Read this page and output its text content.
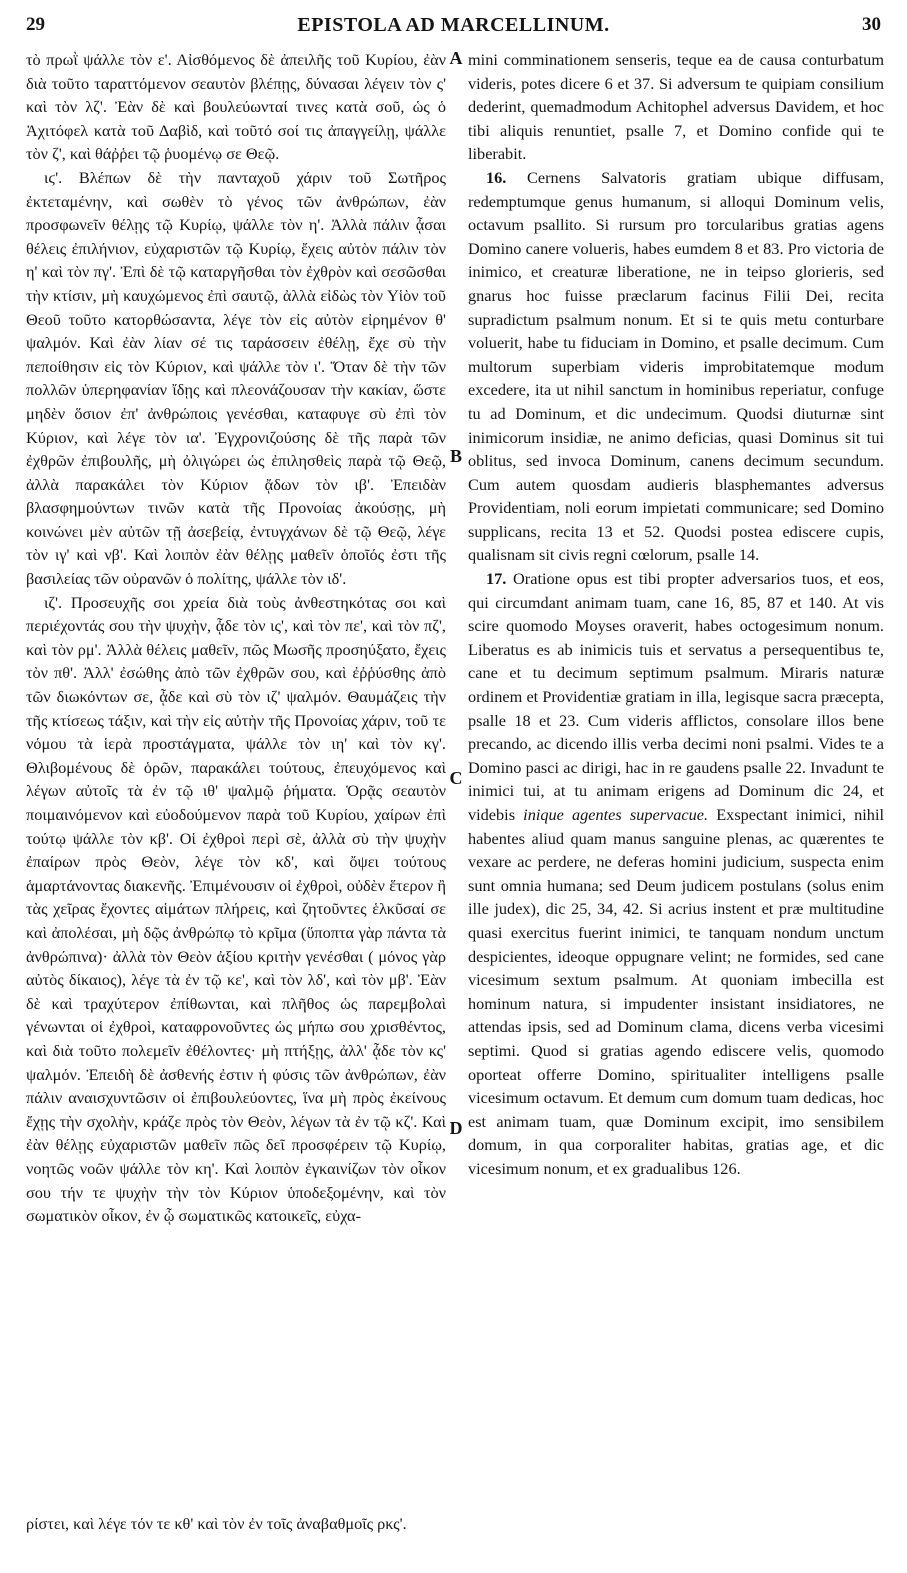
29	EPISTOLA AD MARCELLINUM.	30

τὸ πρωῒ ψάλλε τὸν ε'. Αἰσθόμενος δὲ ἀπειλῆς τοῦ Κυρίου, ἐὰν διὰ τοῦτο ταραττόμενον σεαυτὸν βλέπῃς, δύνασαι λέγειν τὸν ς' καὶ τὸν λζ'. Ἐὰν δὲ καὶ βουλεύωνταί τινες κατὰ σοῦ, ὡς ὁ Ἀχιτόφελ κατὰ τοῦ Δαβὶδ, καὶ τοῦτό σοί τις ἀπαγγείλῃ, ψάλλε τὸν ζ', καὶ θάῤῥει τῷ ῥυομένῳ σε Θεῷ.

ιϛ'. Βλέπων δὲ τὴν πανταχοῦ χάριν τοῦ Σωτῆρος ἐκτεταμένην, καὶ σωθὲν τὸ γένος τῶν ἀνθρώπων, ἐὰν προσφωνεῖν θέλῃς τῷ Κυρίῳ, ψάλλε τὸν η'. Ἀλλὰ πάλιν ᾆσαι θέλεις ἐπιλήνιον, εὐχαριστῶν τῷ Κυρίῳ, ἔχεις αὐτὸν πάλιν τὸν η' καὶ τὸν πγ'. Ἐπὶ δὲ τῷ καταργῆσθαι τὸν ἐχθρὸν καὶ σεσῶσθαι τὴν κτίσιν, μὴ καυχώμενος ἐπὶ σαυτῷ, ἀλλὰ εἰδὼς τὸν Υἱὸν τοῦ Θεοῦ τοῦτο κατορθώσαντα, λέγε τὸν εἰς αὐτὸν εἰρημένον θ' ψαλμόν. Καὶ ἐὰν λίαν σέ τις ταράσσειν ἐθέλῃ, ἔχε σὺ τὴν πεποίθησιν εἰς τὸν Κύριον, καὶ ψάλλε τὸν ι'. Ὅταν δὲ τὴν τῶν πολλῶν ὑπερηφανίαν ἴδῃς καὶ πλεονάζουσαν τὴν κακίαν, ὥστε μηδὲν ὅσιον ἐπ' ἀνθρώποις γενέσθαι, καταφυγε σὺ ἐπὶ τὸν Κύριον, καὶ λέγε τὸν ια'. Ἐγχρονιζούσης δὲ τῆς παρὰ τῶν ἐχθρῶν ἐπιβουλῆς, μὴ ὀλιγώρει ὡς ἐπιλησθεὶς παρὰ τῷ Θεῷ, ἀλλὰ παρακάλει τὸν Κύριον ᾄδων τὸν ιβ'. Ἐπειδὰν βλασφημούντων τινῶν κατὰ τῆς Προνοίας ἀκούσῃς, μὴ κοινώνει μὲν αὐτῶν τῇ ἀσεβείᾳ, ἐντυγχάνων δὲ τῷ Θεῷ, λέγε τὸν ιγ' καὶ νβ'. Καὶ λοιπὸν ἐὰν θέλῃς μαθεῖν ὁποῖός ἐστι τῆς βασιλείας τῶν οὐρανῶν ὁ πολίτης, ψάλλε τὸν ιδ'.

ιζ'. Προσευχῆς σοι χρεία διὰ τοὺς ἀνθεστηκότας σοι καὶ περιέχοντάς σου τὴν ψυχὴν, ᾆδε τὸν ις', καὶ τὸν πε', καὶ τὸν πζ', καὶ τὸν ρμ'. Ἀλλὰ θέλεις μαθεῖν, πῶς Μωσῆς προσηύξατο, ἔχεις τὸν πθ'. Ἀλλ' ἐσώθης ἀπὸ τῶν ἐχθρῶν σου, καὶ ἐῤῥύσθης ἀπὸ τῶν διωκόντων σε, ᾆδε καὶ σὺ τὸν ιζ' ψαλμόν. Θαυμάζεις τὴν τῆς κτίσεως τάξιν, καὶ τὴν εἰς αὐτὴν τῆς Προνοίας χάριν, τοῦ τε νόμου τὰ ἱερὰ προστάγματα, ψάλλε τὸν ιη' καὶ τὸν κγ'. Θλιβομένους δὲ ὁρῶν, παρακάλει τούτους, ἐπευχόμενος καὶ λέγων αὐτοῖς τὰ ἐν τῷ ιθ' ψαλμῷ ῥήματα. Ὁρᾷς σεαυτὸν ποιμαινόμενον καὶ εὐοδούμενον παρὰ τοῦ Κυρίου, χαίρων ἐπὶ τούτῳ ψάλλε τὸν κβ'. Οἱ ἐχθροὶ περὶ σὲ, ἀλλὰ σὺ τὴν ψυχὴν ἐπαίρων πρὸς Θεὸν, λέγε τὸν κδ', καὶ ὄψει τούτους ἁμαρτάνοντας διακενῆς. Ἐπιμένουσιν οἱ ἐχθροὶ, οὐδὲν ἕτερον ἢ τὰς χεῖρας ἔχοντες αἱμάτων πλήρεις, καὶ ζητοῦντες ἑλκῦσαί σε καὶ ἀπολέσαι, μὴ δῷς ἀνθρώπῳ τὸ κρῖμα (ὕποπτα γὰρ πάντα τὰ ἀνθρώπινα)· ἀλλὰ τὸν Θεὸν ἀξίου κριτὴν γενέσθαι ( μόνος γὰρ αὐτὸς δίκαιος), λέγε τὰ ἐν τῷ κε', καὶ τὸν λδ', καὶ τὸν μβ'. Ἐὰν δὲ καὶ τραχύτερον ἐπίθωνται, καὶ πλῆθος ὡς παρεμβολαὶ γένωνται οἱ ἐχθροὶ, καταφρονοῦντες ὡς μήπω σου χρισθέντος, καὶ διὰ τοῦτο πολεμεῖν ἐθέλοντες· μὴ πτήξῃς, ἀλλ' ᾆδε τὸν κς' ψαλμόν. Ἐπειδὴ δὲ ἀσθενής ἐστιν ἡ φύσις τῶν ἀνθρώπων, ἐὰν πάλιν αναισχυντῶσιν οἱ ἐπιβουλεύοντες, ἵνα μὴ πρὸς ἐκείνους ἔχῃς τὴν σχολὴν, κράζε πρὸς τὸν Θεὸν, λέγων τὰ ἐν τῷ κζ'. Καὶ ἐὰν θέλῃς εὐχαριστῶν μαθεῖν πῶς δεῖ προσφέρειν τῷ Κυρίῳ, νοητῶς νοῶν ψάλλε τὸν κη'. Καὶ λοιπὸν ἐγκαινίζων τὸν οἶκον σου τήν τε ψυχὴν τὴν τὸν Κύριον ὑποδεξομένην, καὶ τὸν σωματικὸν οἶκον, ἐν ᾧ σωματικῶς κατοικεῖς, εὐχα-

mini comminationem senseris, teque ea de causa conturbatum videris, potes dicere 6 et 37. Si adversum te quipiam consilium dederint, quemadmodum Achitophel adversus Davidem, et hoc tibi aliquis renuntiet, psalle 7, et Domino confide qui te liberabit.

16. Cernens Salvatoris gratiam ubique diffusam, redemptumque genus humanum, si alloqui Dominum velis, octavum psallito. Si rursum pro torcularibus gratias agens Domino canere volueris, habes eumdem 8 et 83. Pro victoria de inimico, et creaturæ liberatione, ne in teipso glorieris, sed gnarus hoc fuisse præclarum facinus Filii Dei, recita supradictum psalmum nonum. Et si te quis metu conturbare voluerit, habe tu fiduciam in Domino, et psalle decimum. Cum multorum superbiam videris improbitatemque modum excedere, ita ut nihil sanctum in hominibus reperiatur, confuge tu ad Dominum, et dic undecimum. Quodsi diuturnæ sint inimicorum insidiæ, ne animo deficias, quasi Dominus sit tui oblitus, sed invoca Dominum, canens decimum secundum. Cum autem quosdam audieris blasphemantes adversus Providentiam, noli eorum impietati communicare; sed Domino supplicans, recita 13 et 52. Quodsi postea ediscere cupis, qualisnam sit civis regni cœlorum, psalle 14.

17. Oratione opus est tibi propter adversarios tuos, et eos, qui circumdant animam tuam, cane 16, 85, 87 et 140. At vis scire quomodo Moyses oraverit, habes octogesimum nonum. Liberatus es ab inimicis tuis et servatus a persequentibus te, cane et tu decimum septimum psalmum. Miraris naturæ ordinem et Providentiæ gratiam in illa, legisque sacra præcepta, psalle 18 et 23. Cum videris afflictos, consolare illos bene precando, ac dicendo illis verba decimi noni psalmi. Vides te a Domino pasci ac dirigi, hac in re gaudens psalle 22. Invadunt te inimici tui, at tu animam erigens ad Dominum dic 24, et videbis inique agentes supervacue. Exspectant inimici, nihil habentes aliud quam manus sanguine plenas, ac quærentes te vexare ac perdere, ne deferas homini judicium, suspecta enim sunt omnia humana; sed Deum judicem postulans (solus enim ille judex), dic 25, 34, 42. Si acrius instent et præ multitudine quasi exercitus fuerint inimici, te tanquam nondum unctum despicientes, ideoque oppugnare velint; ne formides, sed cane vicesimum sextum psalmum. At quoniam imbecilla est hominum natura, si impudenter insistant insidiatores, ne attendas ipsis, sed ad Dominum clama, dicens verba vicesimi septimi. Quod si gratias agendo ediscere velis, quomodo oporteat offerre Domino, spiritualiter intelligens psalle vicesimum octavum. Et demum cum domum tuam dedicas, hoc est animam tuam, quæ Dominum excipit, imo sensibilem domum, in qua corporaliter habitas, gratias age, et dic vicesimum nonum, et ex gradualibus 126.

ρίστει, καὶ λέγε τόν τε κθ' καὶ τὸν ἐν τοῖς ἀναβαθμοῖς ρκς'.
A
B
C
D
